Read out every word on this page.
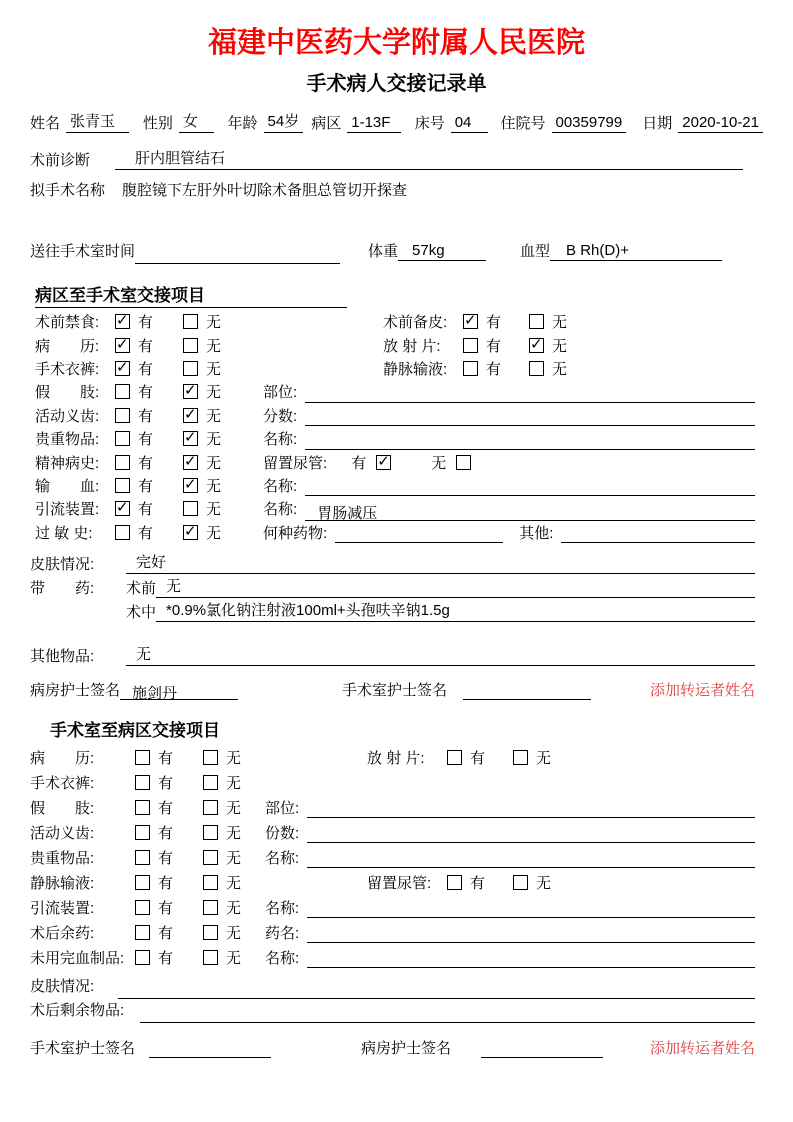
福建中医药大学附属人民医院
手术病人交接记录单
姓名 张青玉	性别 女	年龄 54岁 病区 1-13F	床号 04	住院号 00359799 日期 2020-10-21
术前诊断	肝内胆管结石
拟手术名称	腹腔镜下左肝外叶切除术备胆总管切开探查
送往手术室时间	体重 57kg	血型	B Rh(D)+
病区至手术室交接项目
术前禁食: ✓	有	无	术前备皮: ✓	有	无
病　　历: ✓	有	无	放 射 片:	有 ✓	无
手术衣裤: ✓	有	无	静脉输液:	有	无
假　　肢:	有 ✓	无	部位:
活动义齿:	有 ✓	无	分数:
贵重物品:	有 ✓	无	名称:
精神病史:	有 ✓	无	留置尿管: 有 ✓	无
输　　血:	有 ✓	无	名称:
引流装置: ✓	有	无	名称:	胃肠减压
过 敏 史:	有 ✓	无	何种药物:	其他:
皮肤情况:	完好
带　　药:	术前 无
术中 *0.9%氯化钠注射液100ml+头孢呋辛钠1.5g
其他物品:	无
病房护士签名 施剑丹	手术室护士签名	添加转运者姓名
手术室至病区交接项目
病　　历:	有	无	放 射 片:	有	无
手术衣裤:	有	无
假　　肢:	有	无 部位:
活动义齿:	有	无 份数:
贵重物品:	有	无 名称:
静脉输液:	有	无	留置尿管:	有	无
引流装置:	有	无 名称:
术后余药:	有	无 药名:
未用完血制品:	有	无 名称:
皮肤情况:
术后剩余物品:
手术室护士签名	病房护士签名	添加转运者姓名
